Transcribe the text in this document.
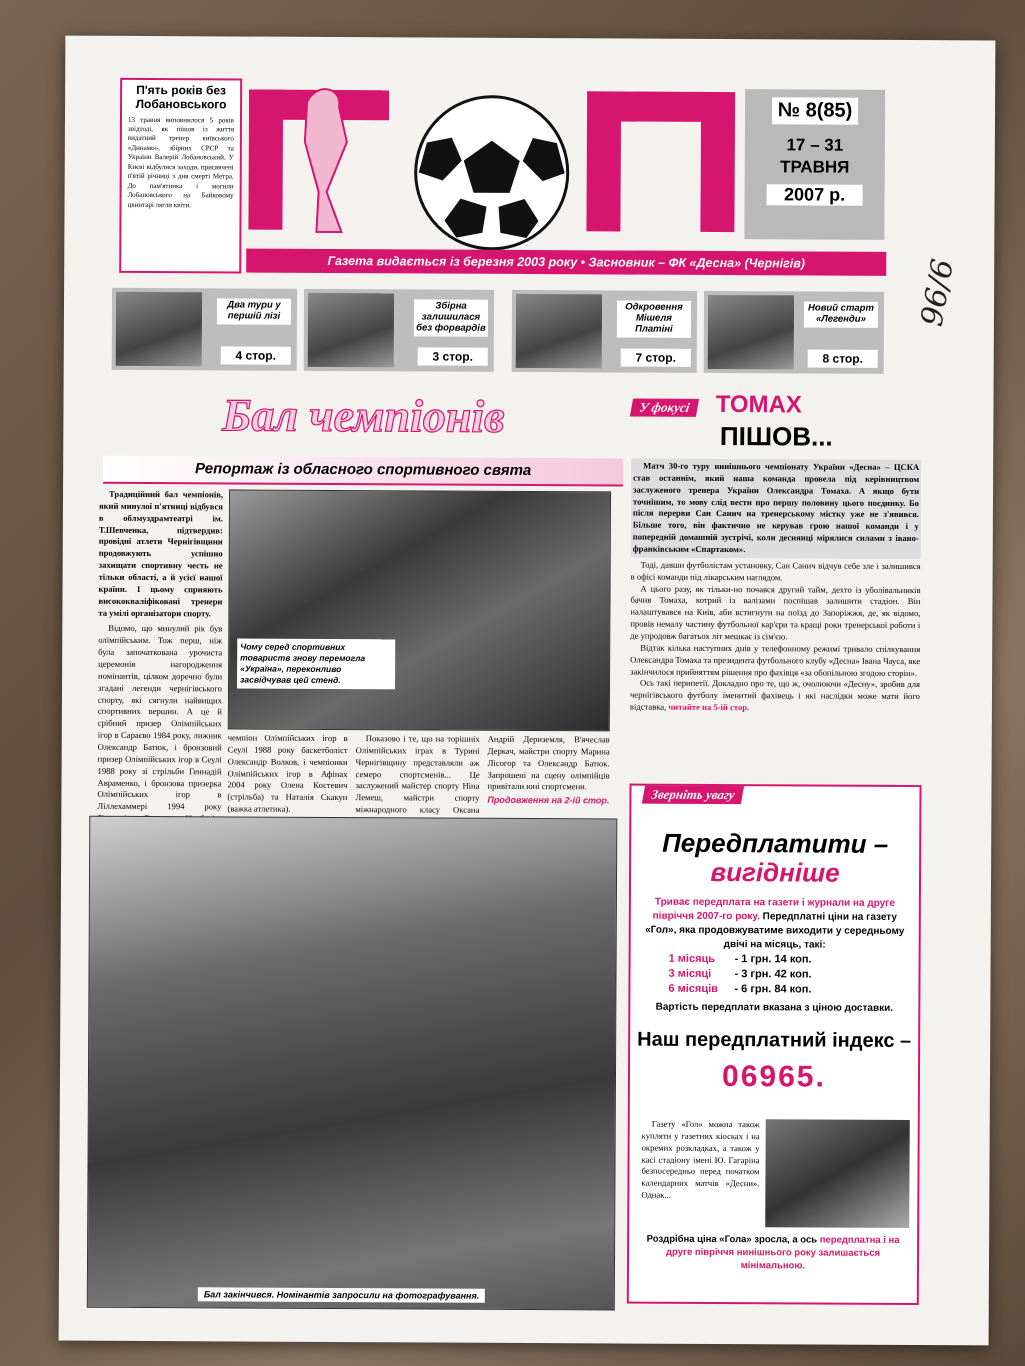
П'ять років без Лобановського

13 травня виповнилося 5 років звідтоді, як пішов із життя видатний тренер київського «Динамо», збірних СРСР та України Валерій Лобановський. У Києві відбулися заходи, присвячені п'ятій річниці з дня смерті Метра. До пам'ятника і могили Лобановського на Байковому цвинтарі лягли квіти.

№ 8(85)
17 – 31
ТРАВНЯ
2007 р.
Газета видається із березня 2003 року • Засновник – ФК «Десна» (Чернігів)
Два тури у першій лізі
4 стор.
Збірна залишилася без форвардів
3 стор.
Одкровення Мішеля Платіні
7 стор.
Новий старт «Легенди»
8 стор.
96/6
Бал чемпіонів
Репортаж із обласного спортивного свята

Традиційний бал чемпіонів, який минулої п'ятниці відбувся в облмуздрамтеатрі ім. Т.Шевченка, підтвердив: провідні атлети Чернігівщини продовжують успішно захищати спортивну честь не тільки області, а й усієї нашої країни. І цьому сприяють висококваліфіковані тренери та умілі організатори спорту.

Відомо, що минулий рік був олімпійським. Тож перш, ніж була започаткована урочиста церемонія нагородження номінантів, цілком доречно були згадані легенди чернігівського спорту, які сягнули найвищих спортивних вершин. А це й срібний призер Олімпійських ігор в Сараєво 1984 року, лижник Олександр Батюк, і бронзовий призер Олімпійських ігор в Сеулі 1988 року зі стрільби Геннадій Авраменко, і бронзова призерка Олімпійських ігор в Ліллехаммері 1994 року

Чому серед спортивних товариств знову перемогла «Україна», переконливо засвідчував цей стенд.
чемпіон Олімпійських ігор в Сеулі 1988 року баскетболіст Олександр Волков, і чемпіонки Олімпійських ігор в Афінах 2004 року Олена Костевич (стрільба) та Наталія Скакун (важка атлетика).
Показово і те, що на торішніх Олімпійських іграх в Турині Чернігівщину представляли аж семеро спортсменів... Це заслужений майстер спорту Ніна Лемеш, майстри спорту міжнародного класу Оксана
Андрій Дериземля, В'ячеслав Деркач, майстри спорту Марина Лісогор та Олександр Батюк. Запрошені на сцену олімпійців привітали юні спортсмени.
Продовження на 2-ій стор.
Бал закінчився. Номінантів запросили на фотографування.
У фокусі ТОМАХ
ПІШОВ...

Матч 30-го туру нинішнього чемпіонату України «Десна» – ЦСКА став останнім, який наша команда провела під керівництвом заслуженого тренера України Олександра Томаха. А якщо бути точнішим, то мову слід вести про першу половину цього поєдинку. Бо після перерви Сан Санич на тренерському містку уже не з'явився. Більше того, він фактично не керував грою нашої команди і у попередній домашній зустрічі, коли деснянці мірялися силами з івано-франківським «Спартаком».

Тоді, давши футболістам установку, Сан Санич відчув себе зле і залишився в офісі команди під лікарським наглядом.

А цього разу, як тільки-но почався другий тайм, дехто із уболівальників бачив Томаха, котрий із валізами поспішав залишити стадіон. Він налаштувався на Київ, аби встигнути на поїзд до Запоріжжя, де, як відомо, провів немалу частину футбольної кар'єри та кращі роки тренерської роботи і де упродовж багатьох літ мешкає із сім'єю.

Відтак кілька наступних днів у телефонному режимі тривало спілкування Олександра Томаха та президента футбольного клубу «Десна» Івана Чауса, яке закінчилося прийняттям рішення про фахівця «за обопільною згодою сторін».

Ось такі перипетії. Докладно про те, що ж, очолюючи «Десну», зробив для чернігівського футболу іменитий фахівець і які наслідки може мати його відставка, читайте на 5-ій стор.

Зверніть увагу
Передплатити –
вигідніше
Триває передплата на газети і журнали на друге півріччя 2007-го року. Передплатні ціни на газету «Гол», яка продовжуватиме виходити у середньому двічі на місяць, такі:
1 місяць - 1 грн. 14 коп.
3 місяці - 3 грн. 42 коп.
6 місяців - 6 грн. 84 коп.
Вартість передплати вказана з ціною доставки.
Наш передплатний індекс –
06965.
Газету «Гол» можна також купляти у газетних кіосках і на окремих розкладках, а також у касі стадіону імені Ю. Гагаріна безпосередньо перед початком календарних матчів «Десни». Однак...
Роздрібна ціна «Гола» зросла, а ось передплатна і на друге півріччя нинішнього року залишається мінімальною.
